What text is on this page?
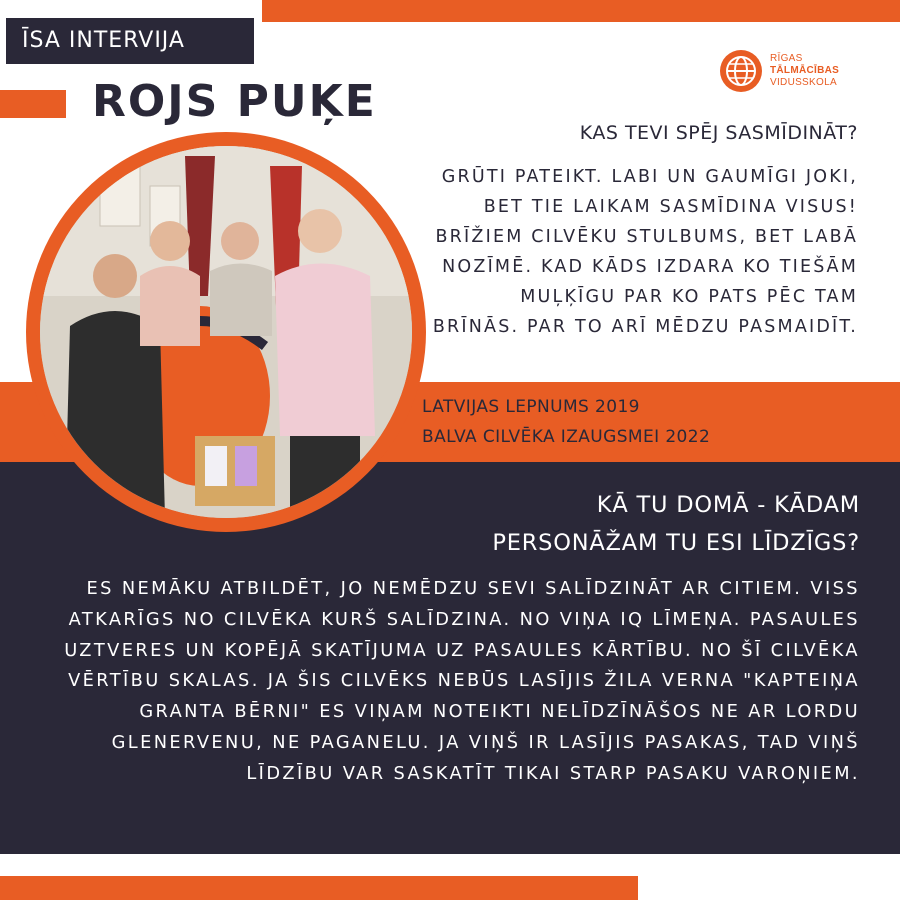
ĪSA INTERVIJA
ROJS PUĶE
RĪGAS
TĀLMĀCĪBAS
VIDUSSKOLA
KAS TEVI SPĒJ SASMĪDINĀT?
GRŪTI PATEIKT. LABI UN GAUMĪGI JOKI, BET TIE LAIKAM SASMĪDINA VISUS! BRĪŽIEM CILVĒKU STULBUMS, BET LABĀ NOZĪMĒ. KAD KĀDS IZDARA KO TIEŠĀM MUĻĶĪGU PAR KO PATS PĒC TAM BRĪNĀS. PAR TO ARĪ MĒDZU PASMAIDĪT.
LATVIJAS LEPNUMS 2019
BALVA CILVĒKA IZAUGSMEI 2022
KĀ TU DOMĀ - KĀDAM
PERSONĀŽAM TU ESI LĪDZĪGS?
ES NEMĀKU ATBILDĒT, JO NEMĒDZU SEVI SALĪDZINĀT AR CITIEM. VISS ATKARĪGS NO CILVĒKA KURŠ SALĪDZINA. NO VIŅA IQ LĪMEŅA. PASAULES UZTVERES UN KOPĒJĀ SKATĪJUMA UZ PASAULES KĀRTĪBU. NO ŠĪ CILVĒKA VĒRTĪBU SKALAS. JA ŠIS CILVĒKS NEBŪS LASĪJIS ŽILA VERNA "KAPTEIŅA GRANTA BĒRNI" ES VIŅAM NOTEIKTI NELĪDZĪNĀŠOS NE AR LORDU GLENERVENU, NE PAGANELU. JA VIŅŠ IR LASĪJIS PASAKAS, TAD VIŅŠ LĪDZĪBU VAR SASKATĪT TIKAI STARP PASAKU VAROŅIEM.
